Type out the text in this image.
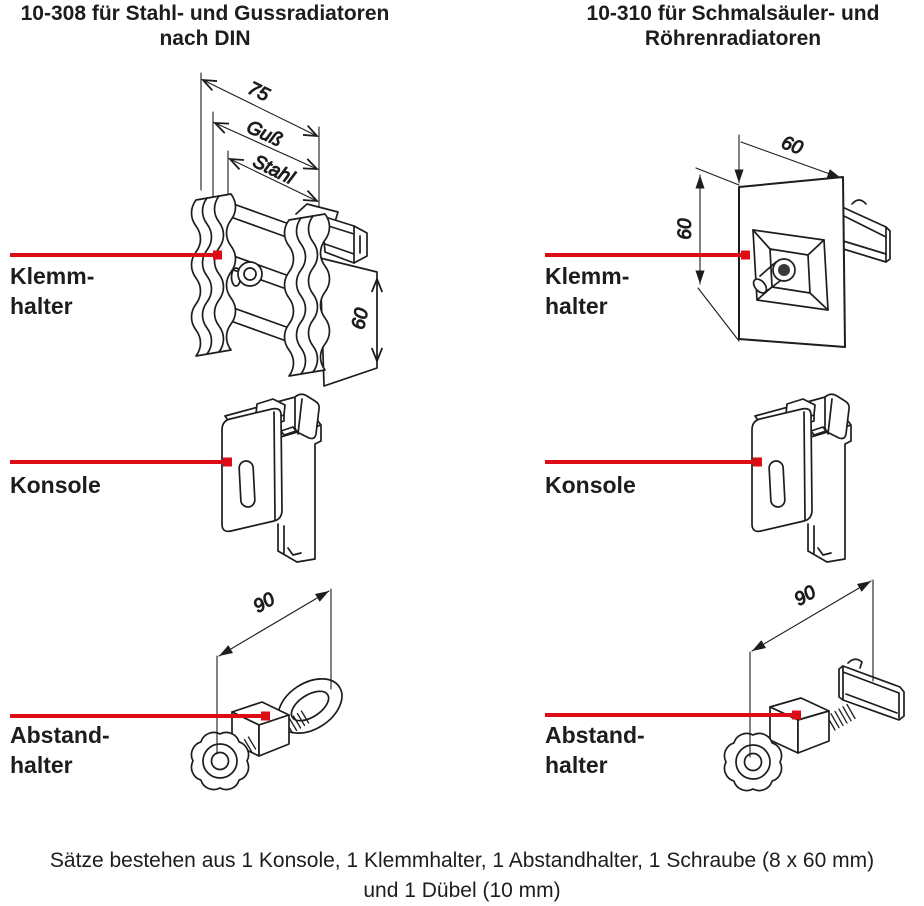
75
Guß
Stahl
60
60
60
90	90
10-308 für Stahl- und Gussradiatoren
nach DIN
10-310 für Schmalsäuler- und
Röhrenradiatoren
Klemm-
halter
Klemm-
halter
Konsole	Konsole
Abstand-
halter
Abstand-
halter
Sätze bestehen aus 1 Konsole, 1 Klemmhalter, 1 Abstandhalter, 1 Schraube (8 x 60 mm)
und 1 Dübel (10 mm)
